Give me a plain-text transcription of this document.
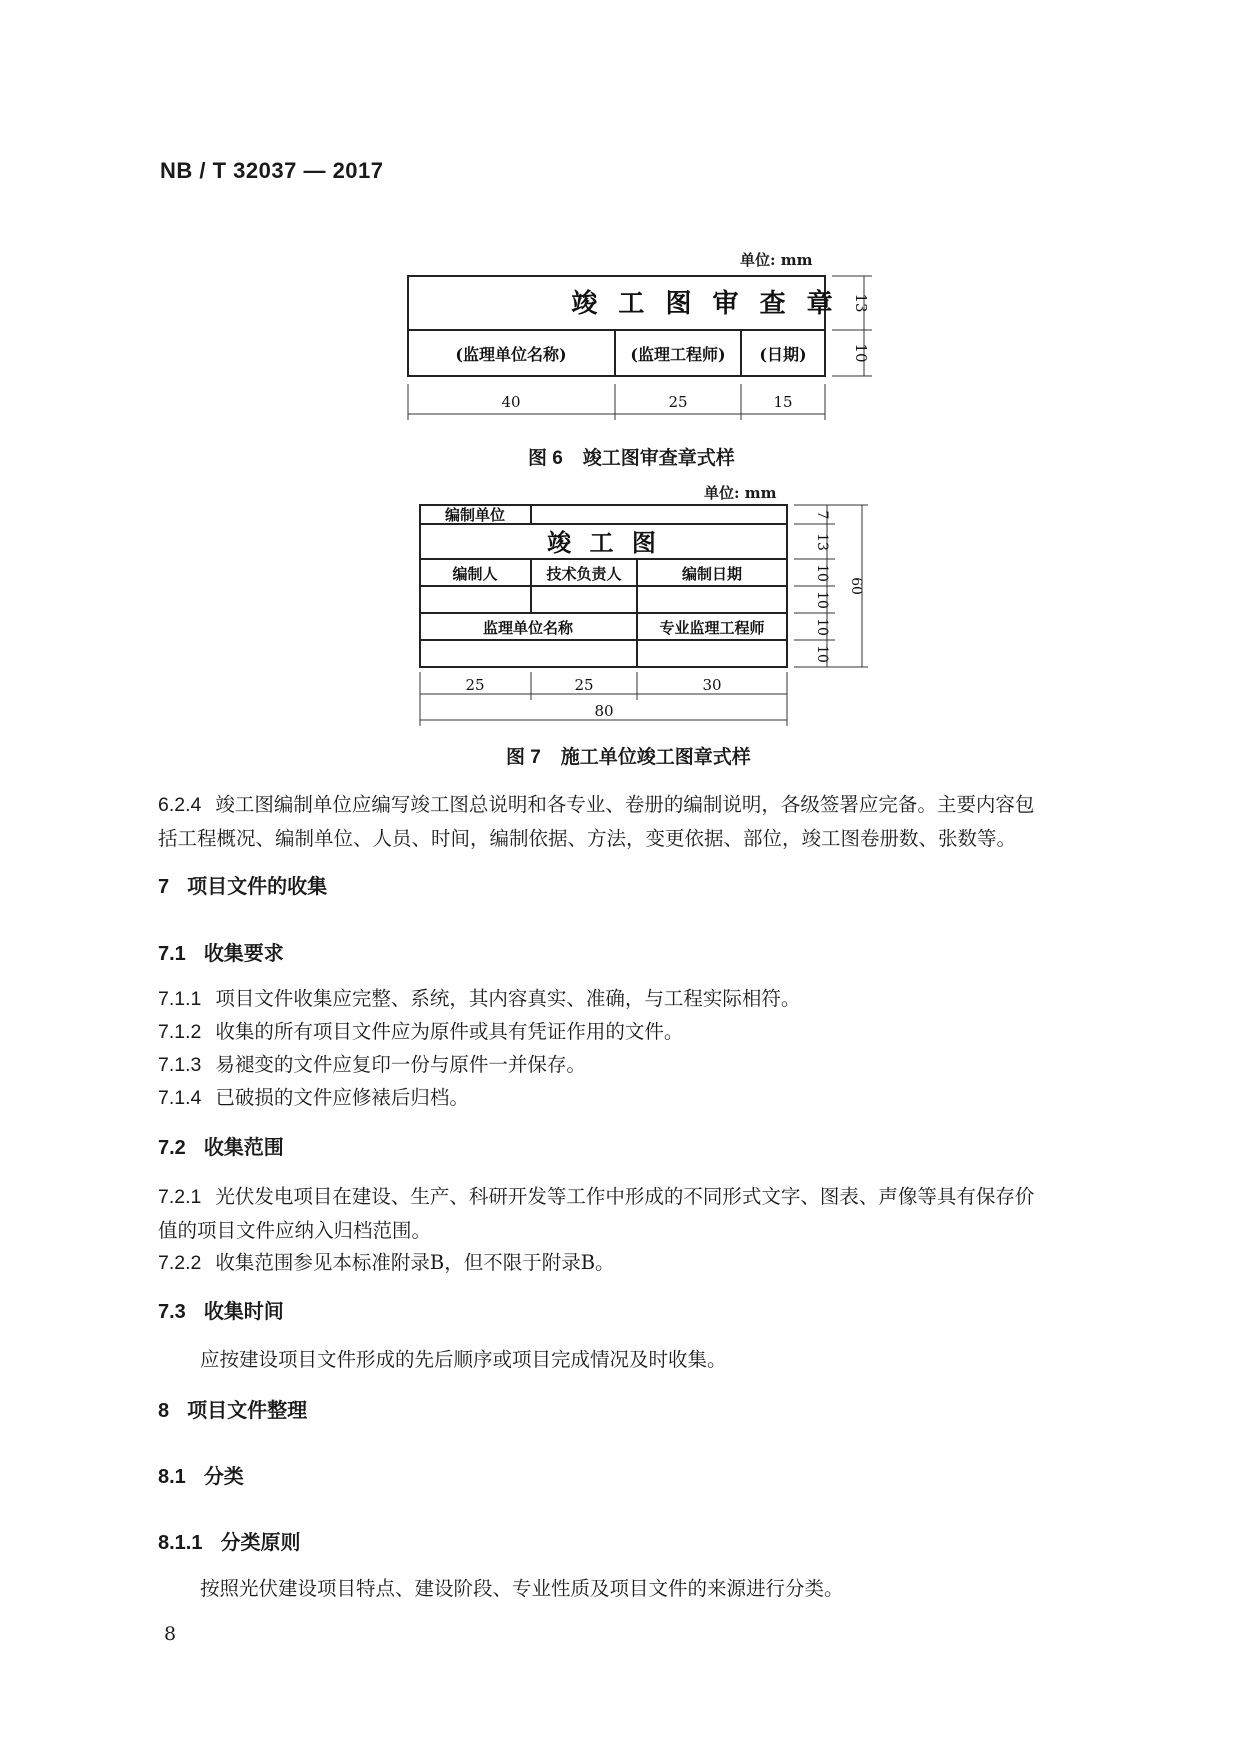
NB / T 32037 — 2017
单位: mm
竣 工 图 审 查 章
(监理单位名称)	(监理工程师) (日期)
40	25	15
13
10
图 6 竣工图审查章式样
单位: mm
编制单位
竣 工 图
编制人	技术负责人	编制日期
监理单位名称	专业监理工程师
25	25	30
80
7
13
10
10
10
10
60
图 7 施工单位竣工图章式样
6.2.4 竣工图编制单位应编写竣工图总说明和各专业、卷册的编制说明，各级签署应完备。主要内容包
括工程概况、编制单位、人员、时间，编制依据、方法，变更依据、部位，竣工图卷册数、张数等。
7 项目文件的收集
7.1 收集要求
7.1.1 项目文件收集应完整、系统，其内容真实、准确，与工程实际相符。
7.1.2 收集的所有项目文件应为原件或具有凭证作用的文件。
7.1.3 易褪变的文件应复印一份与原件一并保存。
7.1.4 已破损的文件应修裱后归档。
7.2 收集范围
7.2.1 光伏发电项目在建设、生产、科研开发等工作中形成的不同形式文字、图表、声像等具有保存价
值的项目文件应纳入归档范围。
7.2.2 收集范围参见本标准附录B，但不限于附录B。
7.3 收集时间
应按建设项目文件形成的先后顺序或项目完成情况及时收集。
8 项目文件整理
8.1 分类
8.1.1 分类原则
按照光伏建设项目特点、建设阶段、专业性质及项目文件的来源进行分类。
8
